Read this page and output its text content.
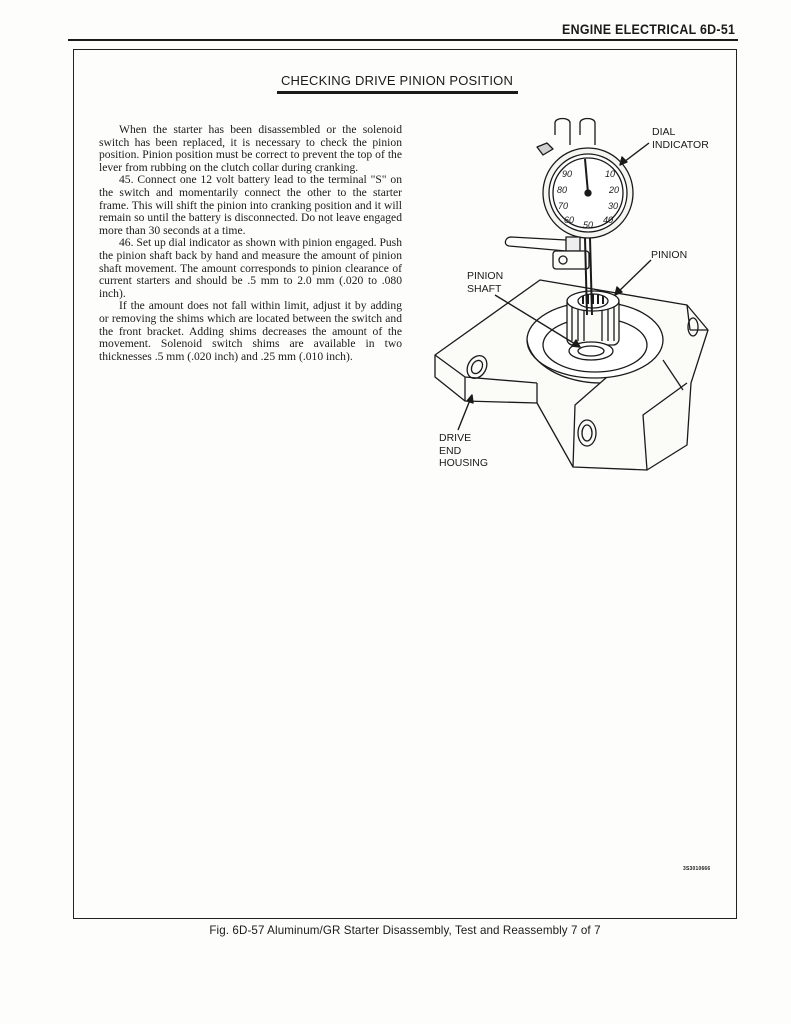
ENGINE ELECTRICAL 6D-51
CHECKING DRIVE PINION POSITION

When the starter has been disassembled or the solenoid switch has been replaced, it is necessary to check the pinion position. Pinion position must be correct to prevent the top of the lever from rubbing on the clutch collar during cranking.

45. Connect one 12 volt battery lead to the terminal "S" on the switch and momentarily connect the other to the starter frame. This will shift the pinion into cranking position and it will remain so until the battery is disconnected. Do not leave engaged more than 30 seconds at a time.

46. Set up dial indicator as shown with pinion engaged. Push the pinion shaft back by hand and measure the amount of pinion shaft movement. The amount corresponds to pinion clearance of current starters and should be .5 mm to 2.0 mm (.020 to .080 inch).

If the amount does not fall within limit, adjust it by adding or removing the shims which are located between the switch and the front bracket. Adding shims decreases the amount of the movement. Solenoid switch shims are available in two thicknesses .5 mm (.020 inch) and .25 mm (.010 inch).

90	10
80	20
70	30
60	40
50
DIAL
INDICATOR
PINION
PINION
SHAFT
DRIVE
END
HOUSING
3S3010666
Fig. 6D-57 Aluminum/GR Starter Disassembly, Test and Reassembly 7 of 7
